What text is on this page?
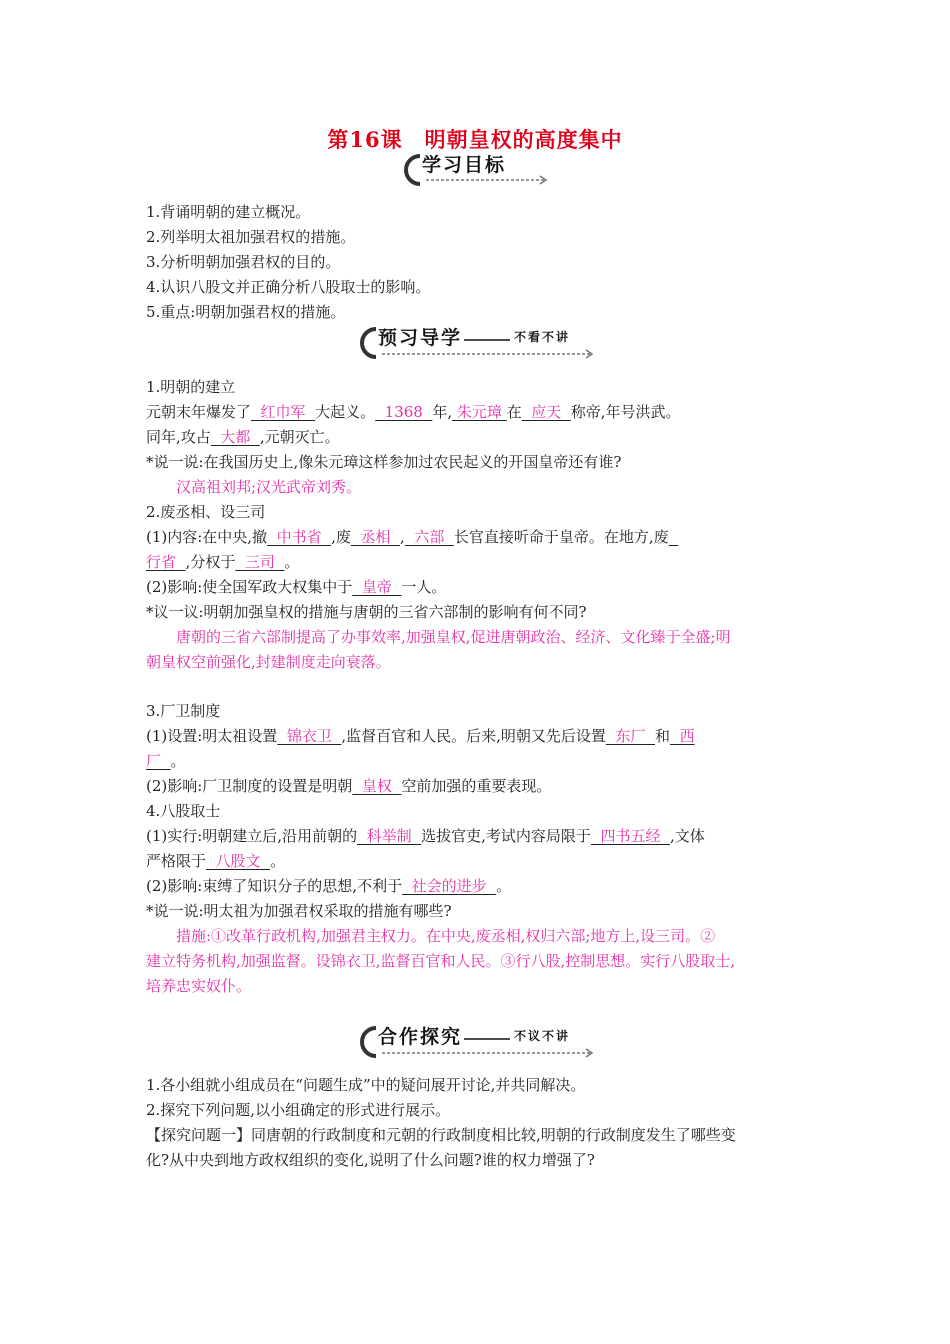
第16课　明朝皇权的高度集中
学习目标
1.背诵明朝的建立概况。
2.列举明太祖加强君权的措施。
3.分析明朝加强君权的目的。
4.认识八股文并正确分析八股取士的影响。
5.重点:明朝加强君权的措施。
预习导学	不看不讲
1.明朝的建立
元朝末年爆发了  红巾军  大起义。  1368  年, 朱元璋 在  应天  称帝,年号洪武。
同年,攻占  大都  ,元朝灭亡。
*说一说:在我国历史上,像朱元璋这样参加过农民起义的开国皇帝还有谁?
汉高祖刘邦;汉光武帝刘秀。
2.废丞相、设三司
(1)内容:在中央,撤  中书省  ,废  丞相  ,  六部  长官直接听命于皇帝。在地方,废
行省  ,分权于  三司  。
(2)影响:使全国军政大权集中于  皇帝  一人。
*议一议:明朝加强皇权的措施与唐朝的三省六部制的影响有何不同?
唐朝的三省六部制提高了办事效率,加强皇权,促进唐朝政治、经济、文化臻于全盛;明
朝皇权空前强化,封建制度走向衰落。
3.厂卫制度
(1)设置:明太祖设置  锦衣卫  ,监督百官和人民。后来,明朝又先后设置  东厂  和  西
厂  。
(2)影响:厂卫制度的设置是明朝  皇权  空前加强的重要表现。
4.八股取士
(1)实行:明朝建立后,沿用前朝的  科举制  选拔官吏,考试内容局限于  四书五经  ,文体
严格限于  八股文  。
(2)影响:束缚了知识分子的思想,不利于  社会的进步  。
*说一说:明太祖为加强君权采取的措施有哪些?
措施:①改革行政机构,加强君主权力。在中央,废丞相,权归六部;地方上,设三司。②
建立特务机构,加强监督。设锦衣卫,监督百官和人民。③行八股,控制思想。实行八股取士,
培养忠实奴仆。
合作探究	不议不讲
1.各小组就小组成员在“问题生成”中的疑问展开讨论,并共同解决。
2.探究下列问题,以小组确定的形式进行展示。
【探究问题一】同唐朝的行政制度和元朝的行政制度相比较,明朝的行政制度发生了哪些变
化?从中央到地方政权组织的变化,说明了什么问题?谁的权力增强了?
